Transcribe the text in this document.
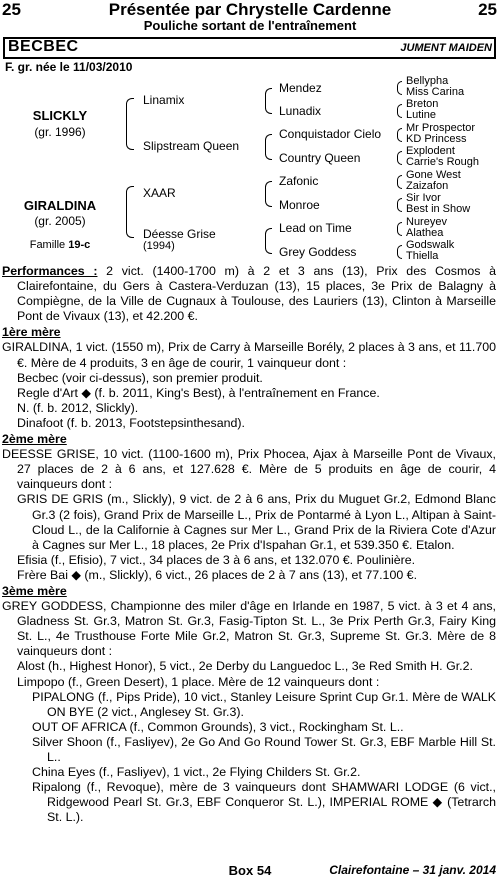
25	Présentée par Chrystelle Cardenne	25
Pouliche sortant de l'entraînement
BECBEC	JUMENT MAIDEN
F. gr. née le 11/03/2010
SLICKLY
(gr. 1996)
GIRALDINA
(gr. 2005)
Famille 19-c
Linamix
Slipstream Queen
XAAR
Déesse Grise
(1994)
Mendez
Lunadix
Conquistador Cielo
Country Queen
Zafonic
Monroe
Lead on Time
Grey Goddess
Bellypha
Miss Carina
Breton
Lutine
Mr Prospector
KD Princess
Explodent
Carrie's Rough
Gone West
Zaizafon
Sir Ivor
Best in Show
Nureyev
Alathea
Godswalk
Thiella

Performances : 2 vict. (1400-1700 m) à 2 et 3 ans (13), Prix des Cosmos à Clairefontaine, du Gers à Castera-Verduzan (13), 15 places, 3e Prix de Balagny à Compiègne, de la Ville de Cugnaux à Toulouse, des Lauriers (13), Clinton à Marseille Pont de Vivaux (13), et 42.200 €.

1ère mère

GIRALDINA, 1 vict. (1550 m), Prix de Carry à Marseille Borély, 2 places à 3 ans, et 11.700 €. Mère de 4 produits, 3 en âge de courir, 1 vainqueur dont :

Becbec (voir ci-dessus), son premier produit.

Regle d'Art ◆ (f. b. 2011, King's Best), à l'entraînement en France.

N. (f. b. 2012, Slickly).

Dinafoot (f. b. 2013, Footstepsinthesand).

2ème mère

DEESSE GRISE, 10 vict. (1100-1600 m), Prix Phocea, Ajax à Marseille Pont de Vivaux, 27 places de 2 à 6 ans, et 127.628 €. Mère de 5 produits en âge de courir, 4 vainqueurs dont :

GRIS DE GRIS (m., Slickly), 9 vict. de 2 à 6 ans, Prix du Muguet Gr.2, Edmond Blanc Gr.3 (2 fois), Grand Prix de Marseille L., Prix de Pontarmé à Lyon L., Altipan à Saint-Cloud L., de la Californie à Cagnes sur Mer L., Grand Prix de la Riviera Cote d'Azur à Cagnes sur Mer L., 18 places, 2e Prix d'Ispahan Gr.1, et 539.350 €. Etalon.

Efisia (f., Efisio), 7 vict., 34 places de 3 à 6 ans, et 132.070 €. Poulinière.

Frère Bai ◆ (m., Slickly), 6 vict., 26 places de 2 à 7 ans (13), et 77.100 €.

3ème mère

GREY GODDESS, Championne des miler d'âge en Irlande en 1987, 5 vict. à 3 et 4 ans, Gladness St. Gr.3, Matron St. Gr.3, Fasig-Tipton St. L., 3e Prix Perth Gr.3, Fairy King St. L., 4e Trusthouse Forte Mile Gr.2, Matron St. Gr.3, Supreme St. Gr.3. Mère de 8 vainqueurs dont :

Alost (h., Highest Honor), 5 vict., 2e Derby du Languedoc L., 3e Red Smith H. Gr.2.

Limpopo (f., Green Desert), 1 place. Mère de 12 vainqueurs dont :

PIPALONG (f., Pips Pride), 10 vict., Stanley Leisure Sprint Cup Gr.1. Mère de WALK ON BYE (2 vict., Anglesey St. Gr.3).

OUT OF AFRICA (f., Common Grounds), 3 vict., Rockingham St. L..

Silver Shoon (f., Fasliyev), 2e Go And Go Round Tower St. Gr.3, EBF Marble Hill St. L..

China Eyes (f., Fasliyev), 1 vict., 2e Flying Childers St. Gr.2.

Ripalong (f., Revoque), mère de 3 vainqueurs dont SHAMWARI LODGE (6 vict., Ridgewood Pearl St. Gr.3, EBF Conqueror St. L.), IMPERIAL ROME ◆ (Tetrarch St. L.).

Box 54	Clairefontaine – 31 janv. 2014
